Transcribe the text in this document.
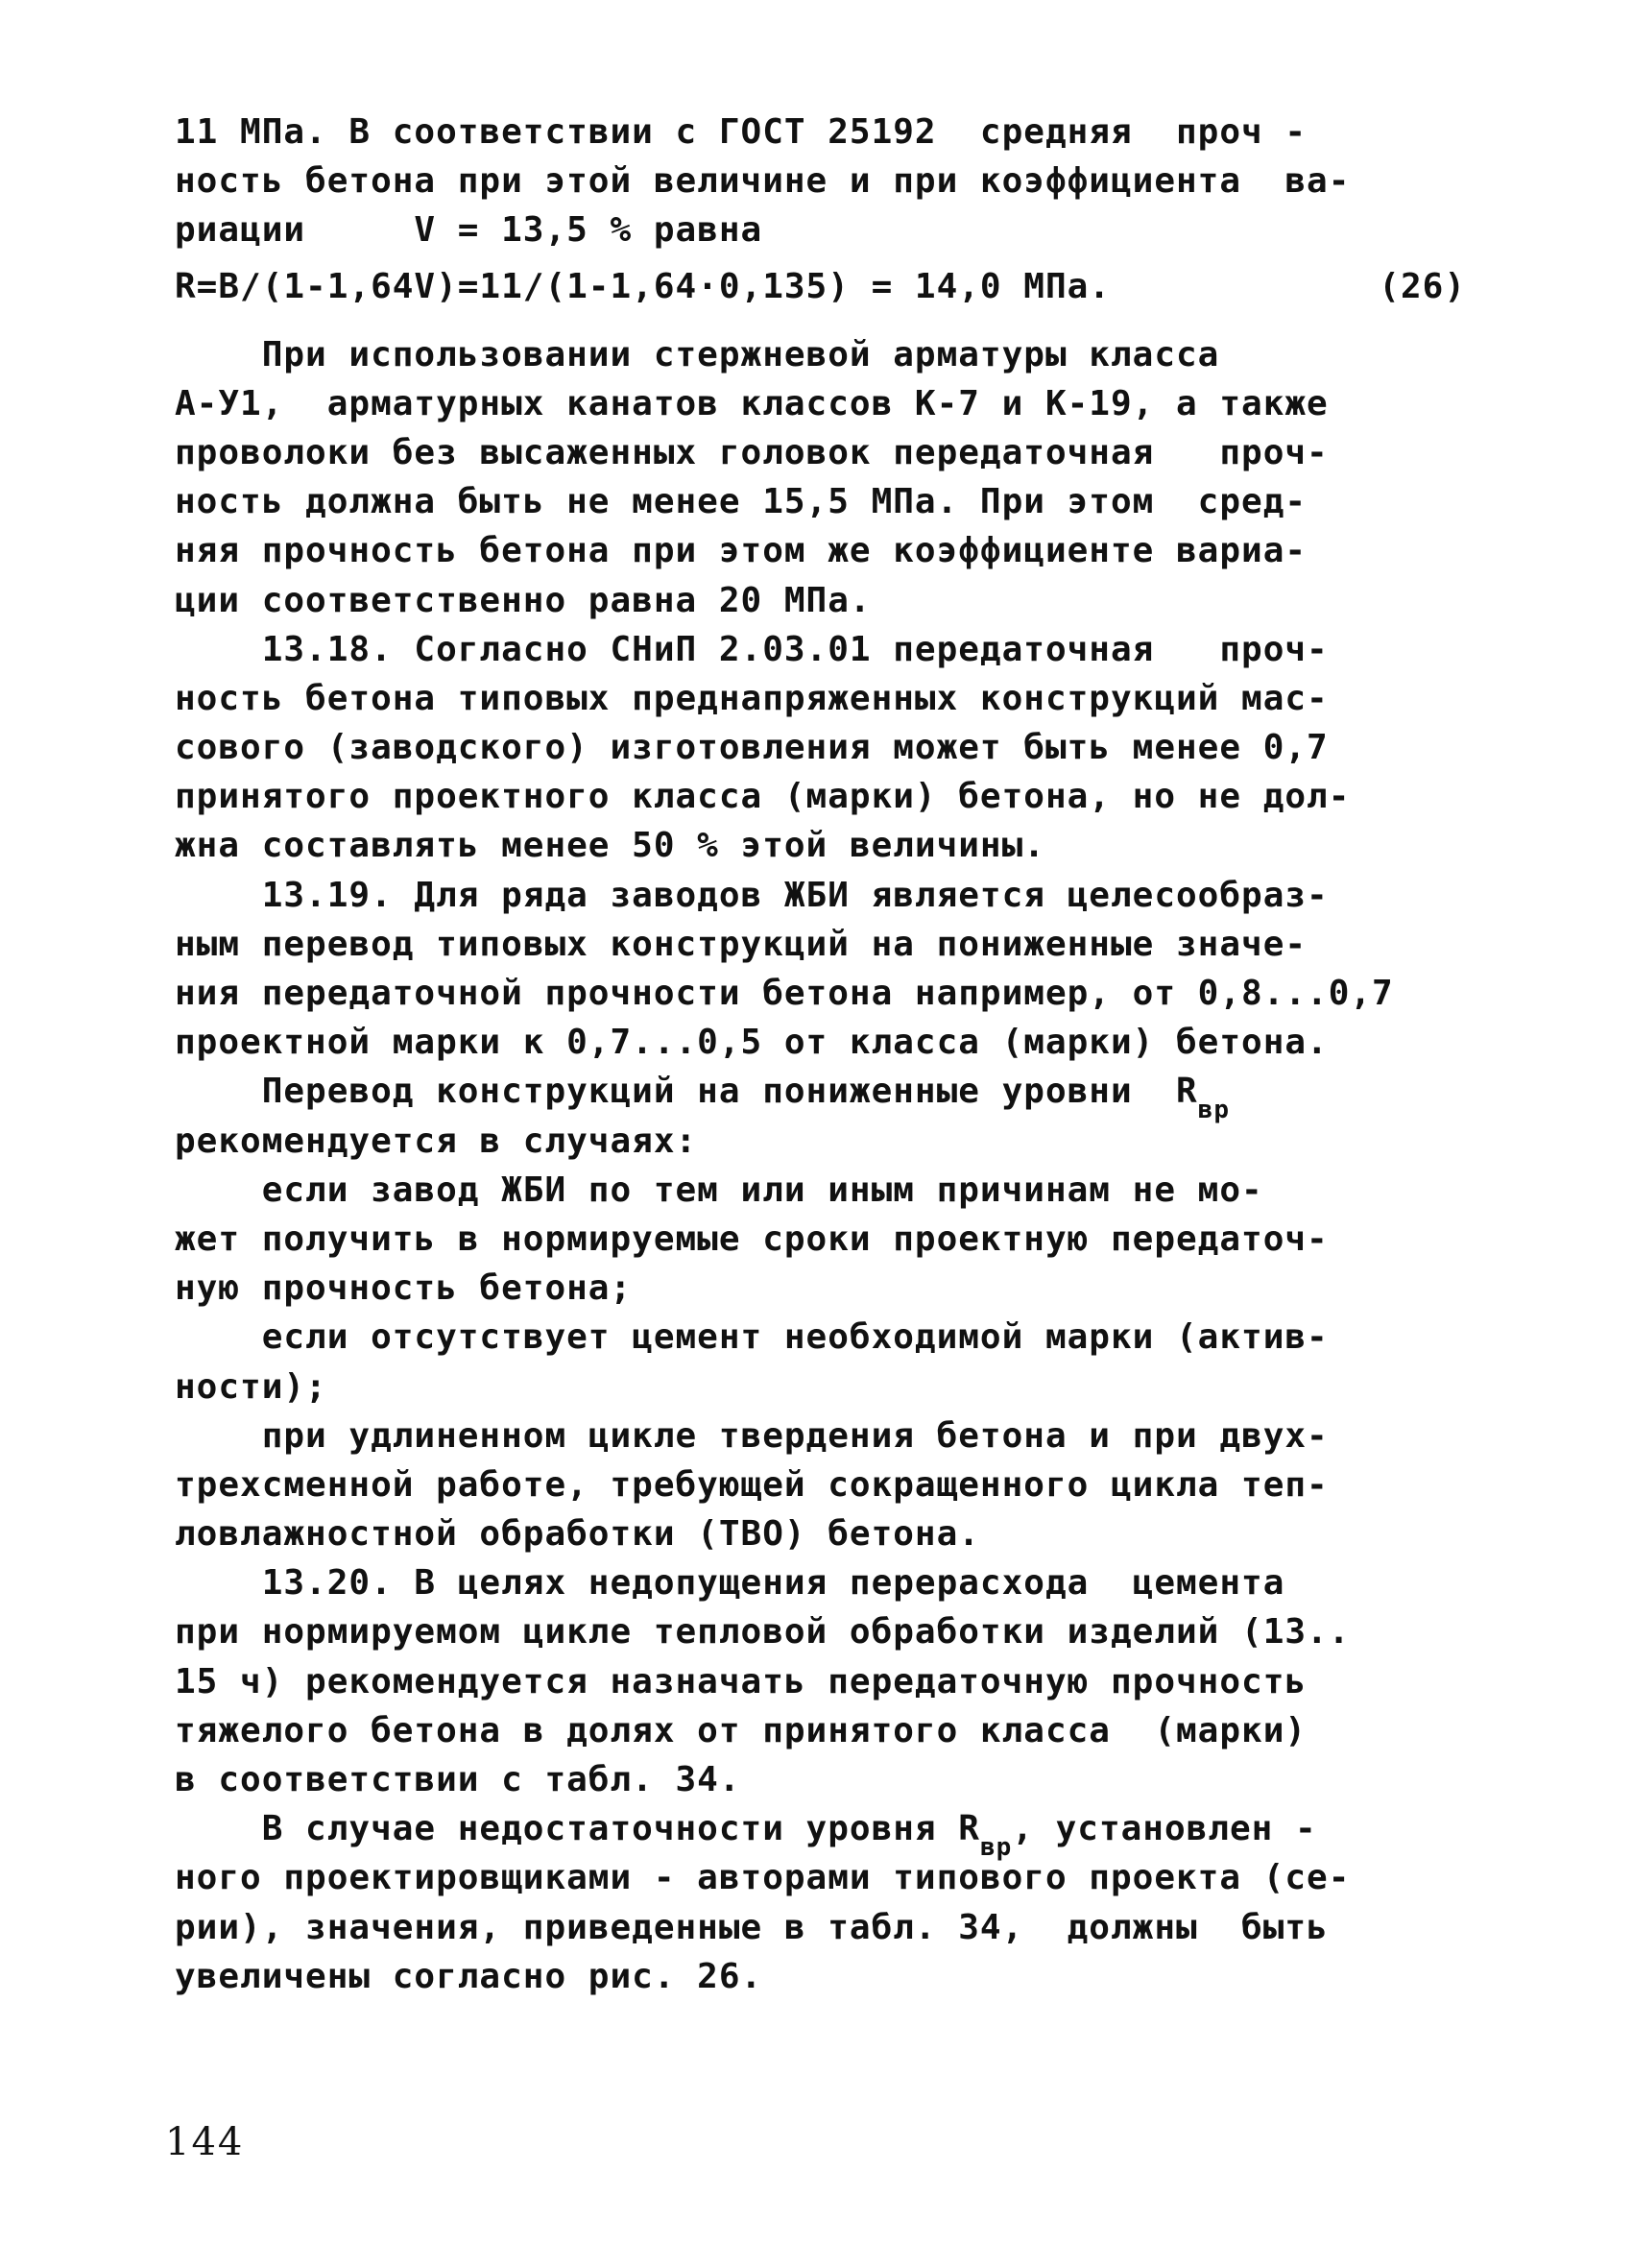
11 МПа. В соответствии с ГОСТ 25192  средняя  проч -
ность бетона при этой величине и при коэффициента  ва-
риации     V = 13,5 % равна
R=B/(1-1,64V)=11/(1-1,64·0,135) = 14,0 МПа.	(26)
При использовании стержневой арматуры класса
А-У1,  арматурных канатов классов К-7 и К-19, а также
проволоки без высаженных головок передаточная   проч-
ность должна быть не менее 15,5 МПа. При этом  сред-
няя прочность бетона при этом же коэффициенте вариа-
ции соответственно равна 20 МПа.
13.18. Согласно СНиП 2.03.01 передаточная   проч-
ность бетона типовых преднапряженных конструкций мас-
сового (заводского) изготовления может быть менее 0,7
принятого проектного класса (марки) бетона, но не дол-
жна составлять менее 50 % этой величины.
13.19. Для ряда заводов ЖБИ является целесообраз-
ным перевод типовых конструкций на пониженные значе-
ния передаточной прочности бетона например, от 0,8...0,7
проектной марки к 0,7...0,5 от класса (марки) бетона.
Перевод конструкций на пониженные уровни  $R_{вр}$
рекомендуется в случаях:
если завод ЖБИ по тем или иным причинам не мо-
жет получить в нормируемые сроки проектную передаточ-
ную прочность бетона;
если отсутствует цемент необходимой марки (актив-
ности);
при удлиненном цикле твердения бетона и при двух-
трехсменной работе, требующей сокращенного цикла теп-
ловлажностной обработки (ТВО) бетона.
13.20. В целях недопущения перерасхода  цемента
при нормируемом цикле тепловой обработки изделий (13..
15 ч) рекомендуется назначать передаточную прочность
тяжелого бетона в долях от принятого класса  (марки)
в соответствии с табл. 34.
В случае недостаточности уровня $R_{вр}$, установлен -
ного проектировщиками - авторами типового проекта (се-
рии), значения, приведенные в табл. 34,  должны  быть
увеличены согласно рис. 26.
144
